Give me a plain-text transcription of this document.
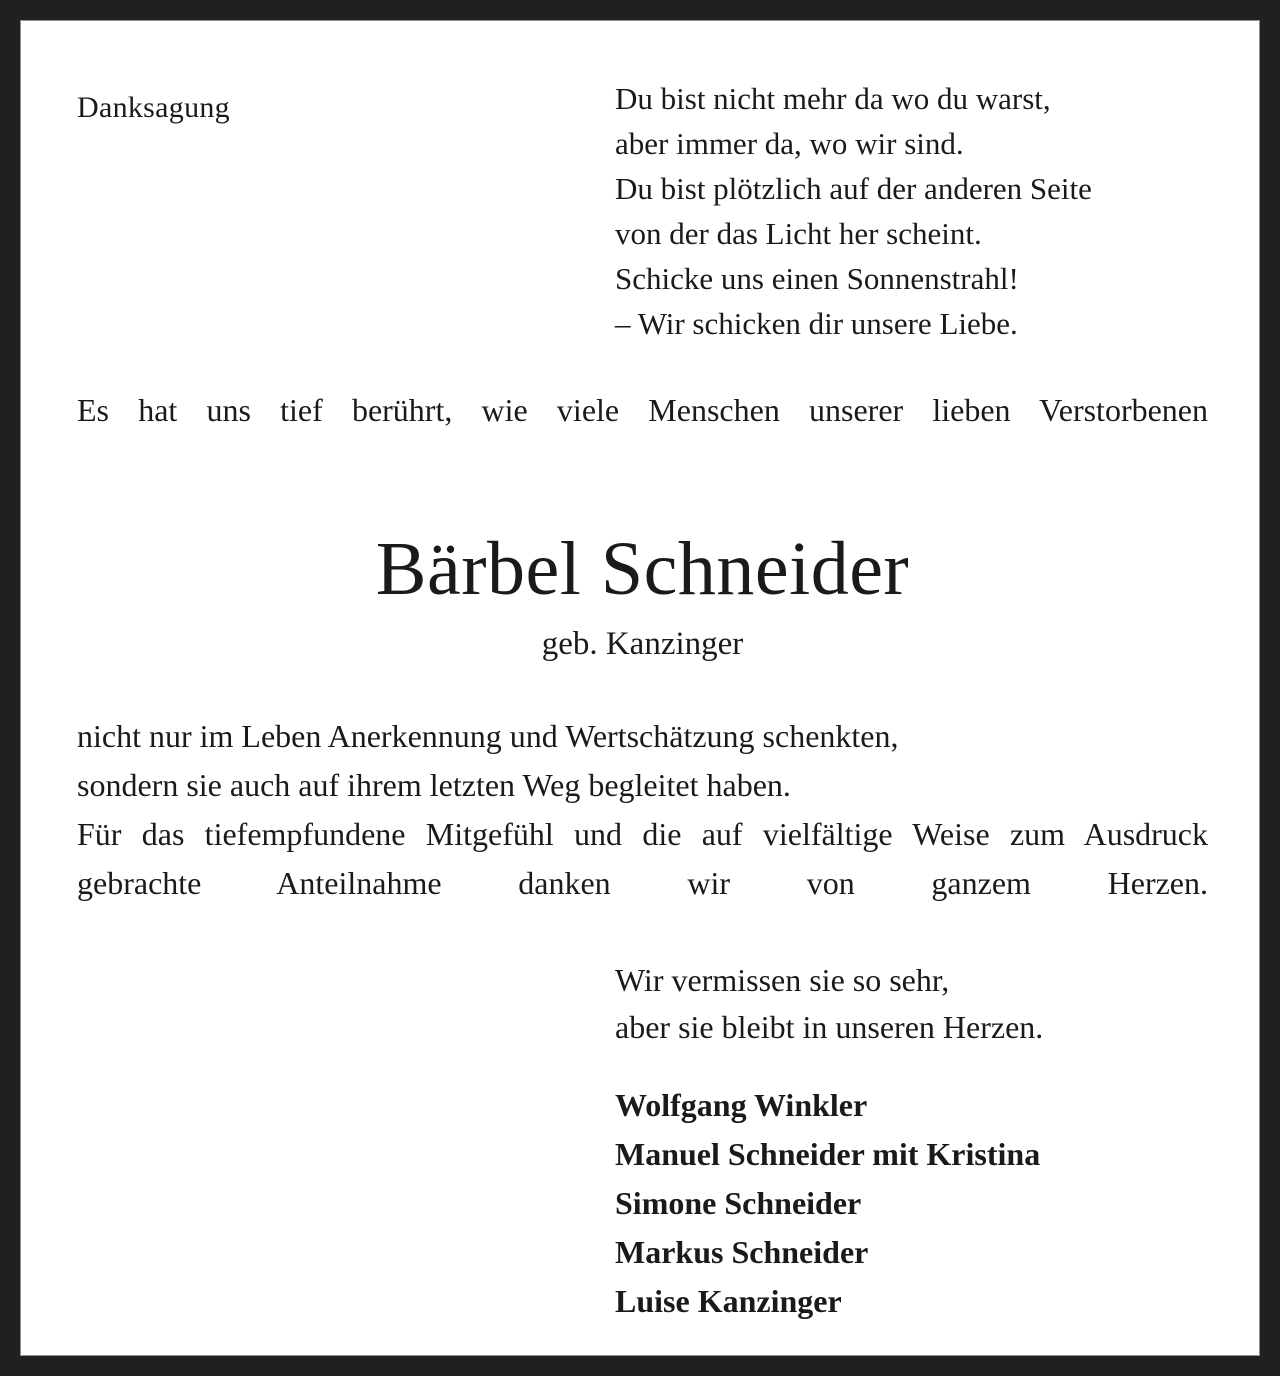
Danksagung	Du bist nicht mehr da wo du warst,
aber immer da, wo wir sind.
Du bist plötzlich auf der anderen Seite
von der das Licht her scheint.
Schicke uns einen Sonnenstrahl!
– Wir schicken dir unsere Liebe.
Es hat uns tief berührt, wie viele Menschen unserer lieben Verstorbenen
Bärbel Schneider
geb. Kanzinger
nicht nur im Leben Anerkennung und Wertschätzung schenkten,
sondern sie auch auf ihrem letzten Weg begleitet haben.
Für das tiefempfundene Mitgefühl und die auf vielfältige Weise zum Ausdruck gebrachte Anteilnahme danken wir von ganzem Herzen.
Wir vermissen sie so sehr,
aber sie bleibt in unseren Herzen.
Wolfgang Winkler
Manuel Schneider mit Kristina
Simone Schneider
Markus Schneider
Luise Kanzinger
